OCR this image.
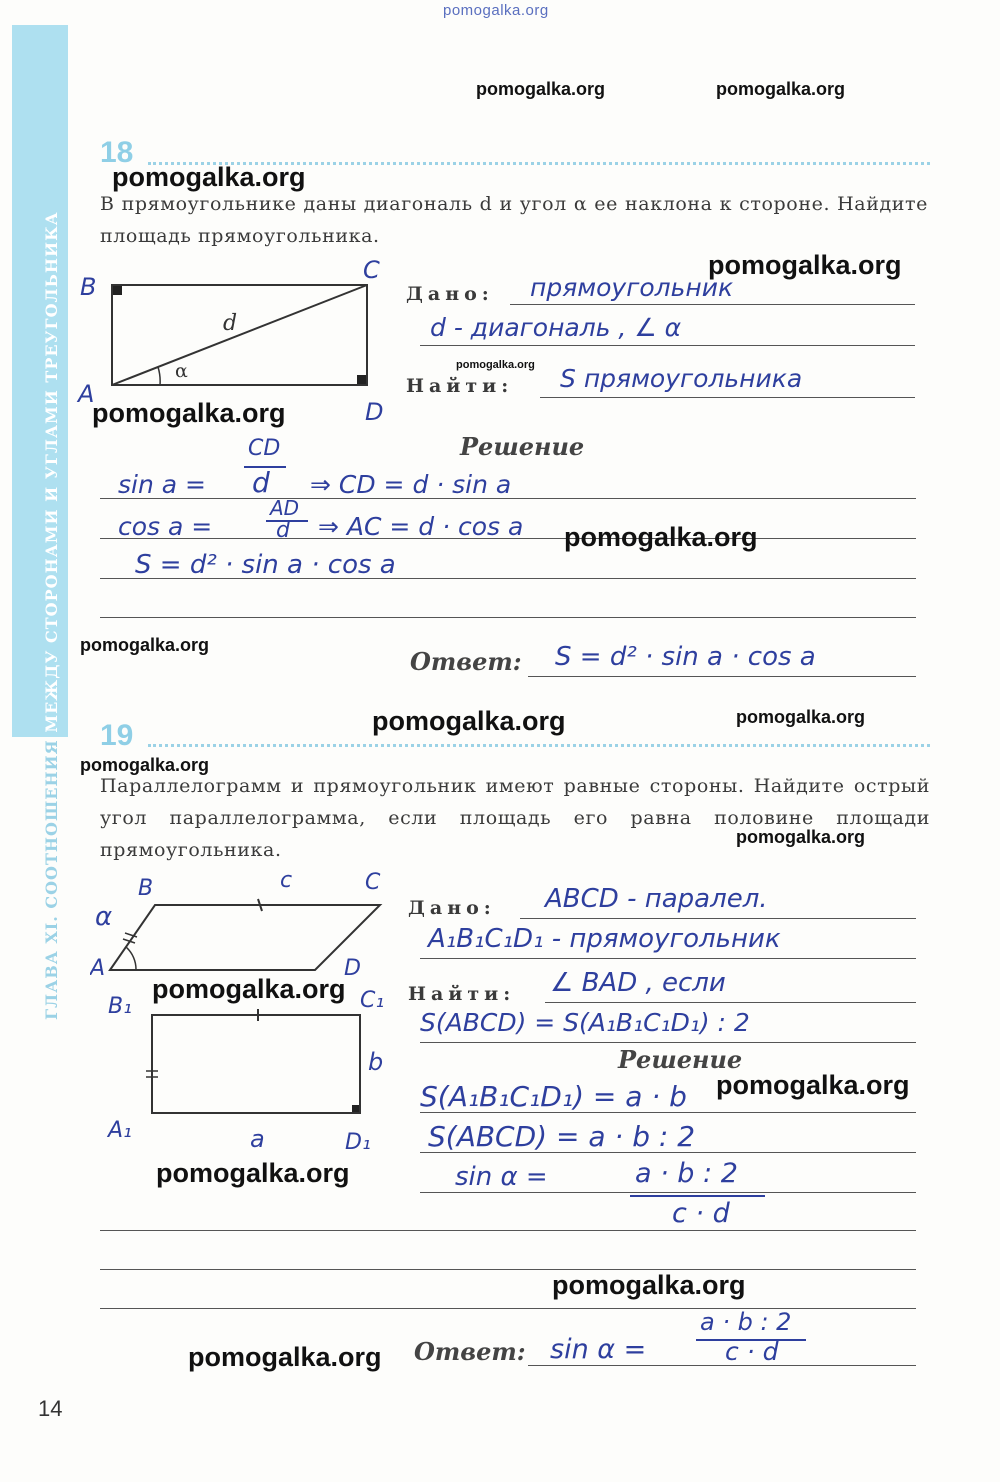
pomogalka.org
ГЛАВА XI. СООТНОШЕНИЯ МЕЖДУ СТОРОНАМИ И УГЛАМИ ТРЕУГОЛЬНИКА
18
В прямоугольнике даны диагональ d и угол α ее наклона к стороне. Найдите площадь прямоугольника.
d
α
B
C
A
D
Дано: прямоугольник
d - диагональ , ∠ α
Найти: S прямоугольника
Решение
sin a =
CD
d ⇒ CD = d · sin a
cos a =
AD
d ⇒ AC = d · cos a
S = d² · sin a · cos a
Ответ: S = d² · sin a · cos a
19
Параллелограмм и прямоугольник имеют равные стороны. Найдите острый угол параллелограмма, если площадь его равна половине площади прямоугольника.
α
B	c	C
A	D
B₁	C₁
b
A₁	a	D₁
Дано: ABCD - паралел.
A₁B₁C₁D₁ - прямоугольник
Найти: ∠ BAD , если
S(ABCD) = S(A₁B₁C₁D₁) : 2
Решение
S(A₁B₁C₁D₁) = a · b
S(ABCD) = a · b : 2
sin α =	a · b : 2
c · d
Ответ: sin α =
a · b : 2
c · d
14
pomogalka.org	pomogalka.org
pomogalka.org
pomogalka.org
pomogalka.org
pomogalka.org
pomogalka.org
pomogalka.org
pomogalka.org	pomogalka.org
pomogalka.org
pomogalka.org
pomogalka.org
pomogalka.org
pomogalka.org
pomogalka.org
pomogalka.org
